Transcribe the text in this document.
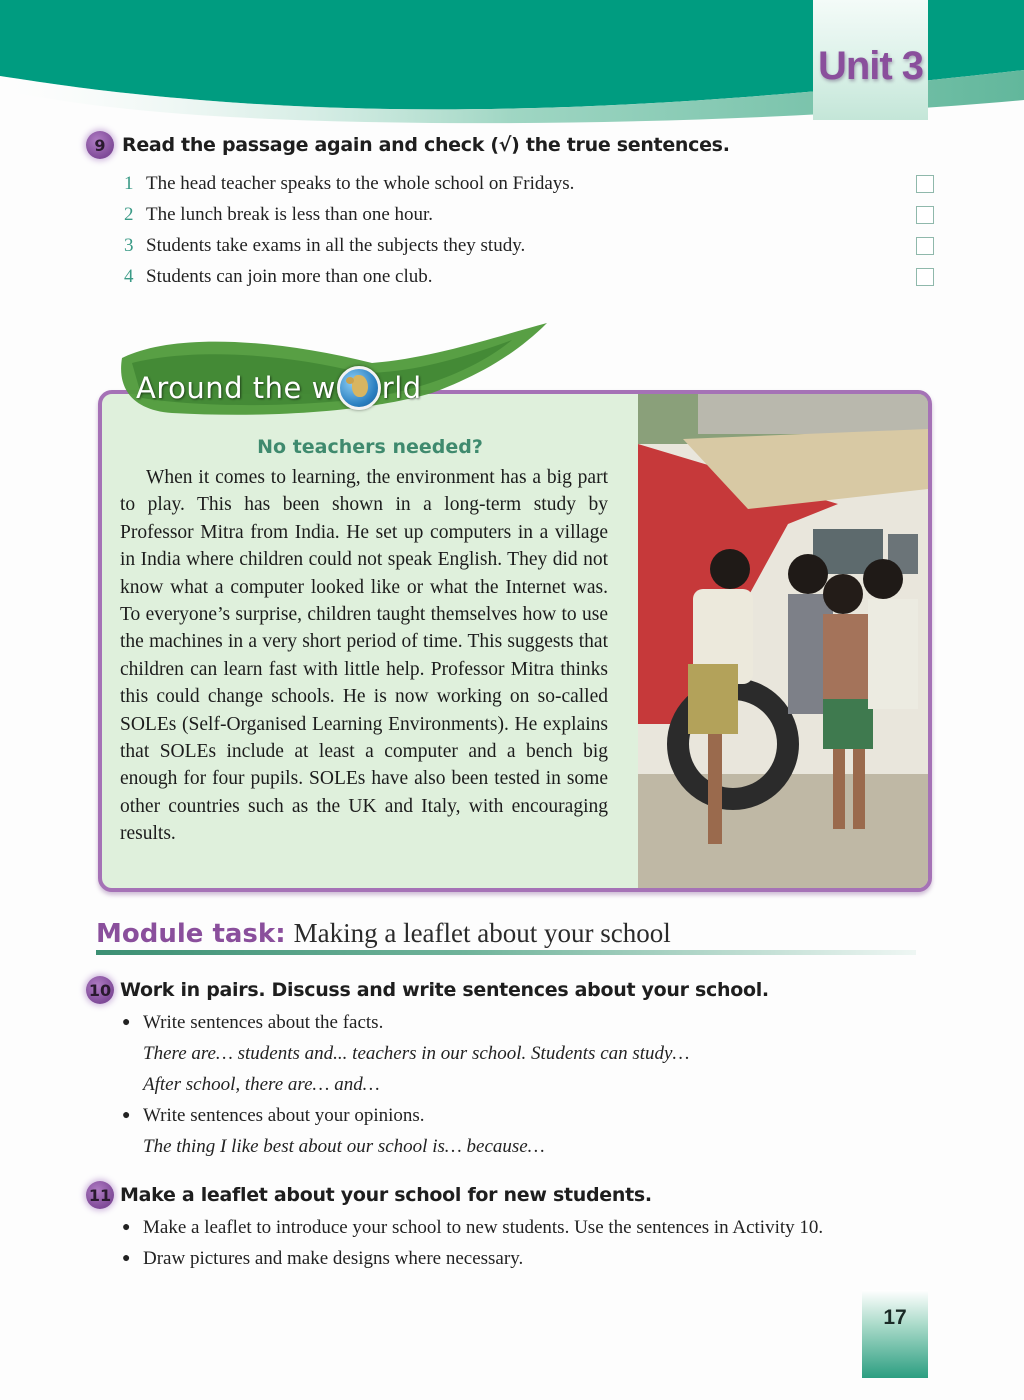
Unit 3
9 Read the passage again and check (√) the true sentences.
1 The head teacher speaks to the whole school on Fridays.
2 The lunch break is less than one hour.
3 Students take exams in all the subjects they study.
4 Students can join more than one club.
No teachers needed?
When it comes to learning, the environment has a big part to play. This has been shown in a long-term study by Professor Mitra from India. He set up computers in a village in India where children could not speak English. They did not know what a computer looked like or what the Internet was. To everyone’s surprise, children taught themselves how to use the machines in a very short period of time. This suggests that children can learn fast with little help. Professor Mitra thinks this could change schools. He is now working on so-called SOLEs (Self-Organised Learning Environments). He explains that SOLEs include at least a computer and a bench big enough for four pupils. SOLEs have also been tested in some other countries such as the UK and Italy, with encouraging results.
Around the w rld
Module task: Making a leaflet about your school
10 Work in pairs. Discuss and write sentences about your school.
● Write sentences about the facts.
There are… students and... teachers in our school. Students can study…
After school, there are… and…
● Write sentences about your opinions.
The thing I like best about our school is… because…
11 Make a leaflet about your school for new students.
● Make a leaflet to introduce your school to new students. Use the sentences in Activity 10.
● Draw pictures and make designs where necessary.
17
